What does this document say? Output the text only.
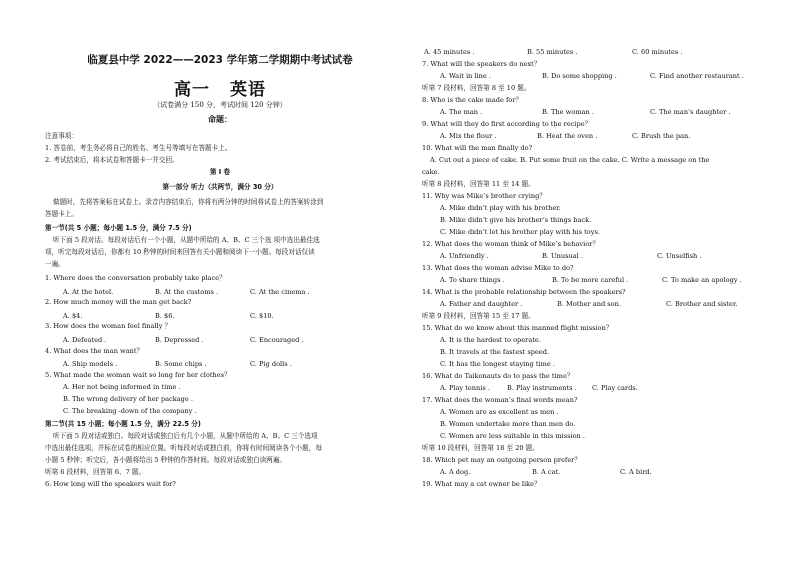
临夏县中学 2022——2023 学年第二学期期中考试试卷
高一 英语
（试卷满分 150 分，考试时间 120 分钟）
命题：
注意事项：
1. 答卷前，考生务必将自己的姓名、考生号等填写在答题卡上。
2. 考试结束后，将本试卷和答题卡一并交回。
第 I 卷
第一部分 听力（共两节，满分 30 分）
做题时，先将答案标在试卷上。录音内容结束后，你将有两分钟的时间将试卷上的答案转涂到
答题卡上。
第一节(共 5 小题；每小题 1.5 分，满分 7.5 分)
听下面 5 段对话。每段对话后有一个小题，从题中所给的 A、B、C 三个选 项中选出最佳选
项，听完每段对话后，你都有 10 秒钟的时间来回答有关小题和阅读下一小题。每段对话仅读
一遍。
1. Where does the conversation probably take place？
A. At the hotel.	B. At the customs .	C. At the cinema .
2. How much money will the man get back?
A. $4.	B. $6.	C. $10.
3. How does the woman feel finally ？
A. Defeated .	B. Depressed .	C. Encouraged .
4. What does the man want？
A. Ship models .	B. Some chips .	C. Pig dolls .
5. What made the woman wait so long for her clothes？
A. Her not being informed in time .
B. The wrong delivery of her package .
C. The breaking -down of the company .
第二节(共 15 小题；每小题 1.5 分，满分 22.5 分)
听下面 5 段对话或独白。每段对话或独白后有几个小题，从题中所给的 A、B、C 三个选项
中选出最佳选项，并标在试卷的相应位置。听每段对话或独白前，你将有时间阅读各个小题，每
小题 5 秒钟；听完后，各小题将给出 5 秒钟的作答时间。每段对话或独白读两遍。
听第 6 段材料，回答第 6、7 题。
6. How long will the speakers wait for?
A. 45 minutes .	B. 55 minutes .	C. 60 minutes .
7. What will the speakers do next？
A. Wait in line .	B. Do some shopping .	C. Find another restaurant .
听第 7 段材料，回答第 8 至 10 题。
8. Who is the cake made for？
A. The man .	B. The woman .	C. The man’s daughter .
9. What will they do first according to the recipe？
A. Mix the flour .	B. Heat the oven .	C. Brush the pan.
10. What will the man finally do?
A. Cut out a piece of cake. B. Put some fruit on the cake. C. Write a message on the
cake.
听第 8 段材料，回答第 11 至 14 题。
11. Why was Mike’s brother crying？
A. Mike didn’t play with his brother.
B. Mike didn’t give his brother’s things back.
C. Mike didn’t let his brother play with his toys.
12. What does the woman think of Mike’s behavior？
A. Unfriendly .	B. Unusual .	C. Unselfish .
13. What does the woman advise Mike to do?
A. To share things .	B. To be more careful .	C. To make an apology .
14. What is the probable relationship between the speakers?
A. Father and daughter .	B. Mother and son.	C. Brother and sister.
听第 9 段材料，回答第 15 至 17 题。
15. What do we know about this manned flight mission？
A. It is the hardest to operate.
B. It travels at the fastest speed.
C. It has the longest staying time .
16. What do Taikonauts do to pass the time？
A. Play tennis .	B. Play instruments . C. Play cards.
17. What does the woman’s final words mean?
A. Women are as excellent as men .
B. Women undertake more than men do.
C. Women are less suitable in this mission .
听第 10 段材料，回答第 18 至 20 题。
18. Which pet may an outgoing person prefer？
A. A dog.	B. A cat.	C. A bird.
19. What may a cat owner be like？
